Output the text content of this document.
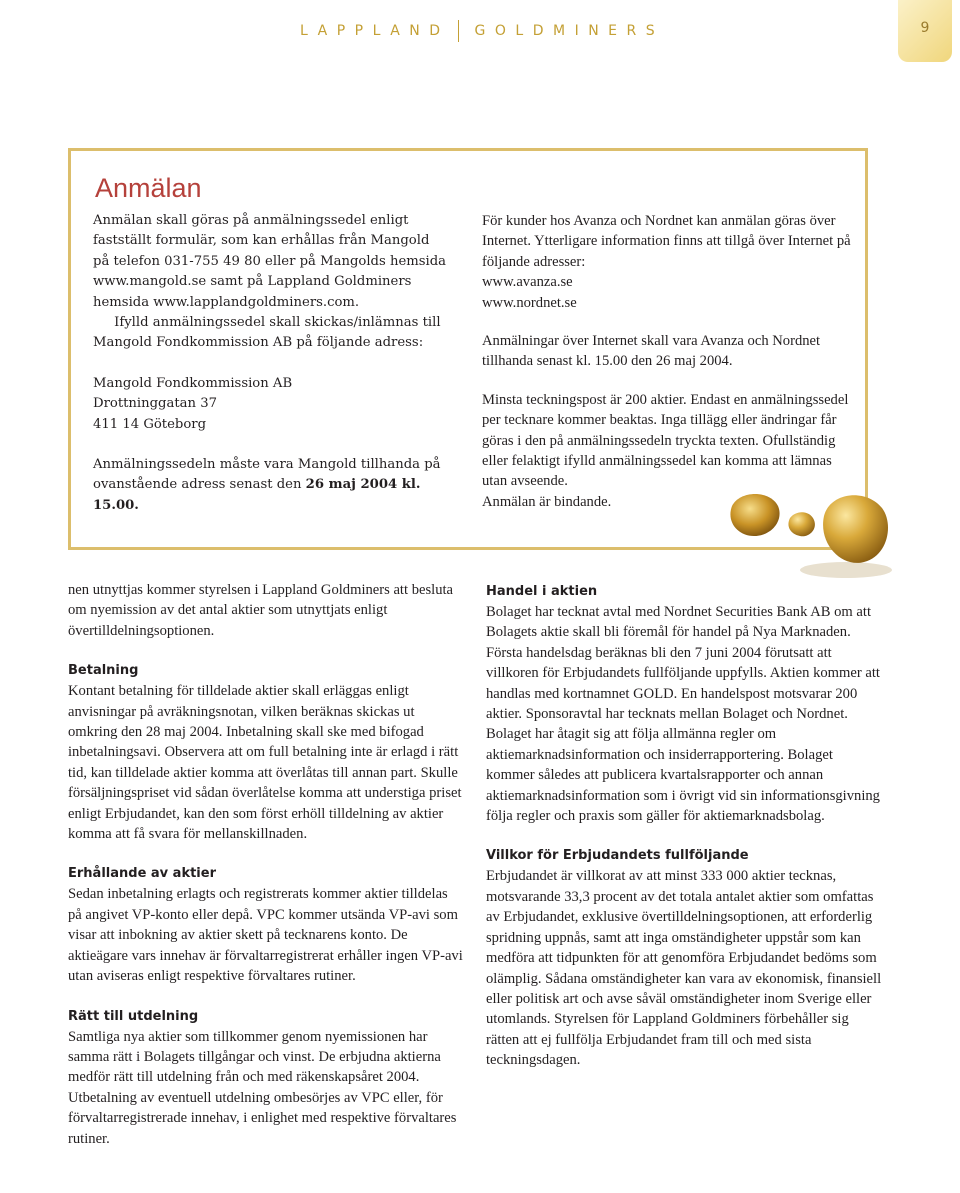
LAPPLAND GOLDMINERS	9
Anmälan

Anmälan skall göras på anmälningssedel enligt fastställt formulär, som kan erhållas från Mangold på telefon 031-755 49 80 eller på Mangolds hemsida www.mangold.se samt på Lappland Goldminers hemsida www.lapplandgoldminers.com.

Ifylld anmälningssedel skall skickas/inlämnas till Mangold Fondkommission AB på följande adress:

Mangold Fondkommission AB
Drottninggatan 37
411 14 Göteborg

Anmälningssedeln måste vara Mangold tillhanda på ovanstående adress senast den 26 maj 2004 kl. 15.00.

För kunder hos Avanza och Nordnet kan anmälan göras över Internet. Ytterligare information finns att tillgå över Internet på följande adresser:

www.avanza.se
www.nordnet.se

Anmälningar över Internet skall vara Avanza och Nordnet tillhanda senast kl. 15.00 den 26 maj 2004.

Minsta teckningspost är 200 aktier. Endast en anmälningssedel per tecknare kommer beaktas. Inga tillägg eller ändringar får göras i den på anmälningssedeln tryckta texten. Ofullständig eller felaktigt ifylld anmälningssedel kan komma att lämnas utan avseende.

Anmälan är bindande.

nen utnyttjas kommer styrelsen i Lappland Goldminers att besluta om nyemission av det antal aktier som utnyttjats enligt övertilldelningsoptionen.

Betalning

Kontant betalning för tilldelade aktier skall erläggas enligt anvisningar på avräkningsnotan, vilken beräknas skickas ut omkring den 28 maj 2004. Inbetalning skall ske med bifogad inbetalningsavi. Observera att om full betalning inte är erlagd i rätt tid, kan tilldelade aktier komma att överlåtas till annan part. Skulle försäljningspriset vid sådan överlåtelse komma att understiga priset enligt Erbjudandet, kan den som först erhöll tilldelning av aktier komma att få svara för mellanskillnaden.

Erhållande av aktier

Sedan inbetalning erlagts och registrerats kommer aktier tilldelas på angivet VP-konto eller depå. VPC kommer utsända VP-avi som visar att inbokning av aktier skett på tecknarens konto. De aktieägare vars innehav är förvaltarregistrerat erhåller ingen VP-avi utan aviseras enligt respektive förvaltares rutiner.

Rätt till utdelning

Samtliga nya aktier som tillkommer genom nyemissionen har samma rätt i Bolagets tillgångar och vinst. De erbjudna aktierna medför rätt till utdelning från och med räkenskapsåret 2004. Utbetalning av eventuell utdelning ombesörjes av VPC eller, för förvaltarregistrerade innehav, i enlighet med respektive förvaltares rutiner.

Handel i aktien

Bolaget har tecknat avtal med Nordnet Securities Bank AB om att Bolagets aktie skall bli föremål för handel på Nya Marknaden. Första handelsdag beräknas bli den 7 juni 2004 förutsatt att villkoren för Erbjudandets fullföljande uppfylls. Aktien kommer att handlas med kortnamnet GOLD. En handelspost motsvarar 200 aktier. Sponsoravtal har tecknats mellan Bolaget och Nordnet. Bolaget har åtagit sig att följa allmänna regler om aktiemarknadsinformation och insiderrapportering. Bolaget kommer således att publicera kvartalsrapporter och annan aktiemarknadsinformation som i övrigt vid sin informationsgivning följa regler och praxis som gäller för aktiemarknadsbolag.

Villkor för Erbjudandets fullföljande

Erbjudandet är villkorat av att minst 333 000 aktier tecknas, motsvarande 33,3 procent av det totala antalet aktier som omfattas av Erbjudandet, exklusive övertilldelningsoptionen, att erforderlig spridning uppnås, samt att inga omständigheter uppstår som kan medföra att tidpunkten för att genomföra Erbjudandet bedöms som olämplig. Sådana omständigheter kan vara av ekonomisk, finansiell eller politisk art och avse såväl omständigheter inom Sverige eller utomlands. Styrelsen för Lappland Goldminers förbehåller sig rätten att ej fullfölja Erbjudandet fram till och med sista teckningsdagen.
